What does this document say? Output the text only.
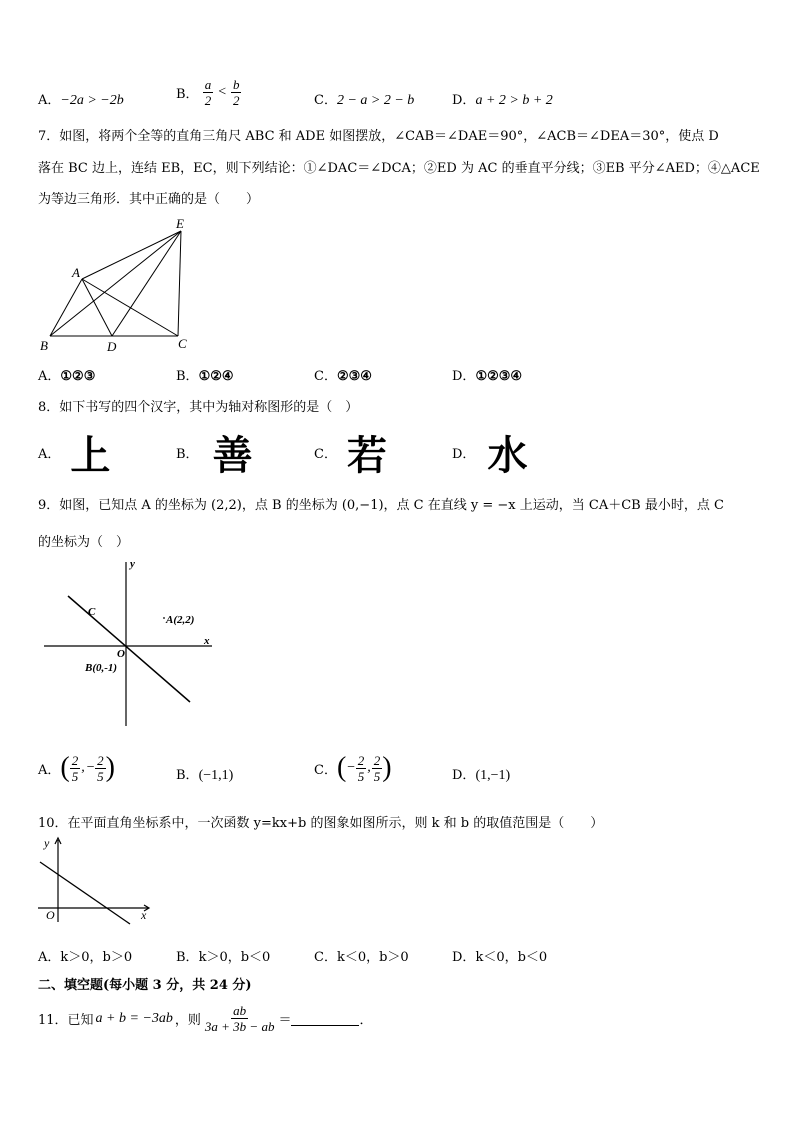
A．−2a > −2b	B． $\frac{a}{2} < \frac{b}{2}$	C．2 − a > 2 − b	D．a + 2 > b + 2
7．如图，将两个全等的直角三角尺 ABC 和 ADE 如图摆放，∠CAB＝∠DAE＝90°，∠ACB＝∠DEA＝30°，使点 D
落在 BC 边上，连结 EB，EC，则下列结论：①∠DAC＝∠DCA；②ED 为 AC 的垂直平分线；③EB 平分∠AED；④△ACE
为等边三角形．其中正确的是（　　）
E
A
B	D	C
A．①②③	B．①②④	C．②③④	D．①②③④
8．如下书写的四个汉字，其中为轴对称图形的是（　）
A． 上	B． 善	C． 若	D． 水
9．如图，已知点 A 的坐标为 (2,2)，点 B 的坐标为 (0,−1)，点 C 在直线 y = −x 上运动，当 CA＋CB 最小时，点 C
的坐标为（　）
y
x
C
A(2,2)
O
B(0,-1)
A． ( $\frac{2}{5}$ , − $\frac{2}{5}$ )	B．(−1,1)	C． ( − $\frac{2}{5}$ , $\frac{2}{5}$ )	D．(1,−1)
10．在平面直角坐标系中，一次函数 y=kx+b 的图象如图所示，则 k 和 b 的取值范围是（　　）
y
x
O
A．k＞0，b＞0	B．k＞0，b＜0	C．k＜0，b＞0	D．k＜0，b＜0
二、填空题(每小题 3 分，共 24 分)
11．已知 a + b = −3ab ，则 $\frac{ab}{3a + 3b - ab}$ ＝	．
